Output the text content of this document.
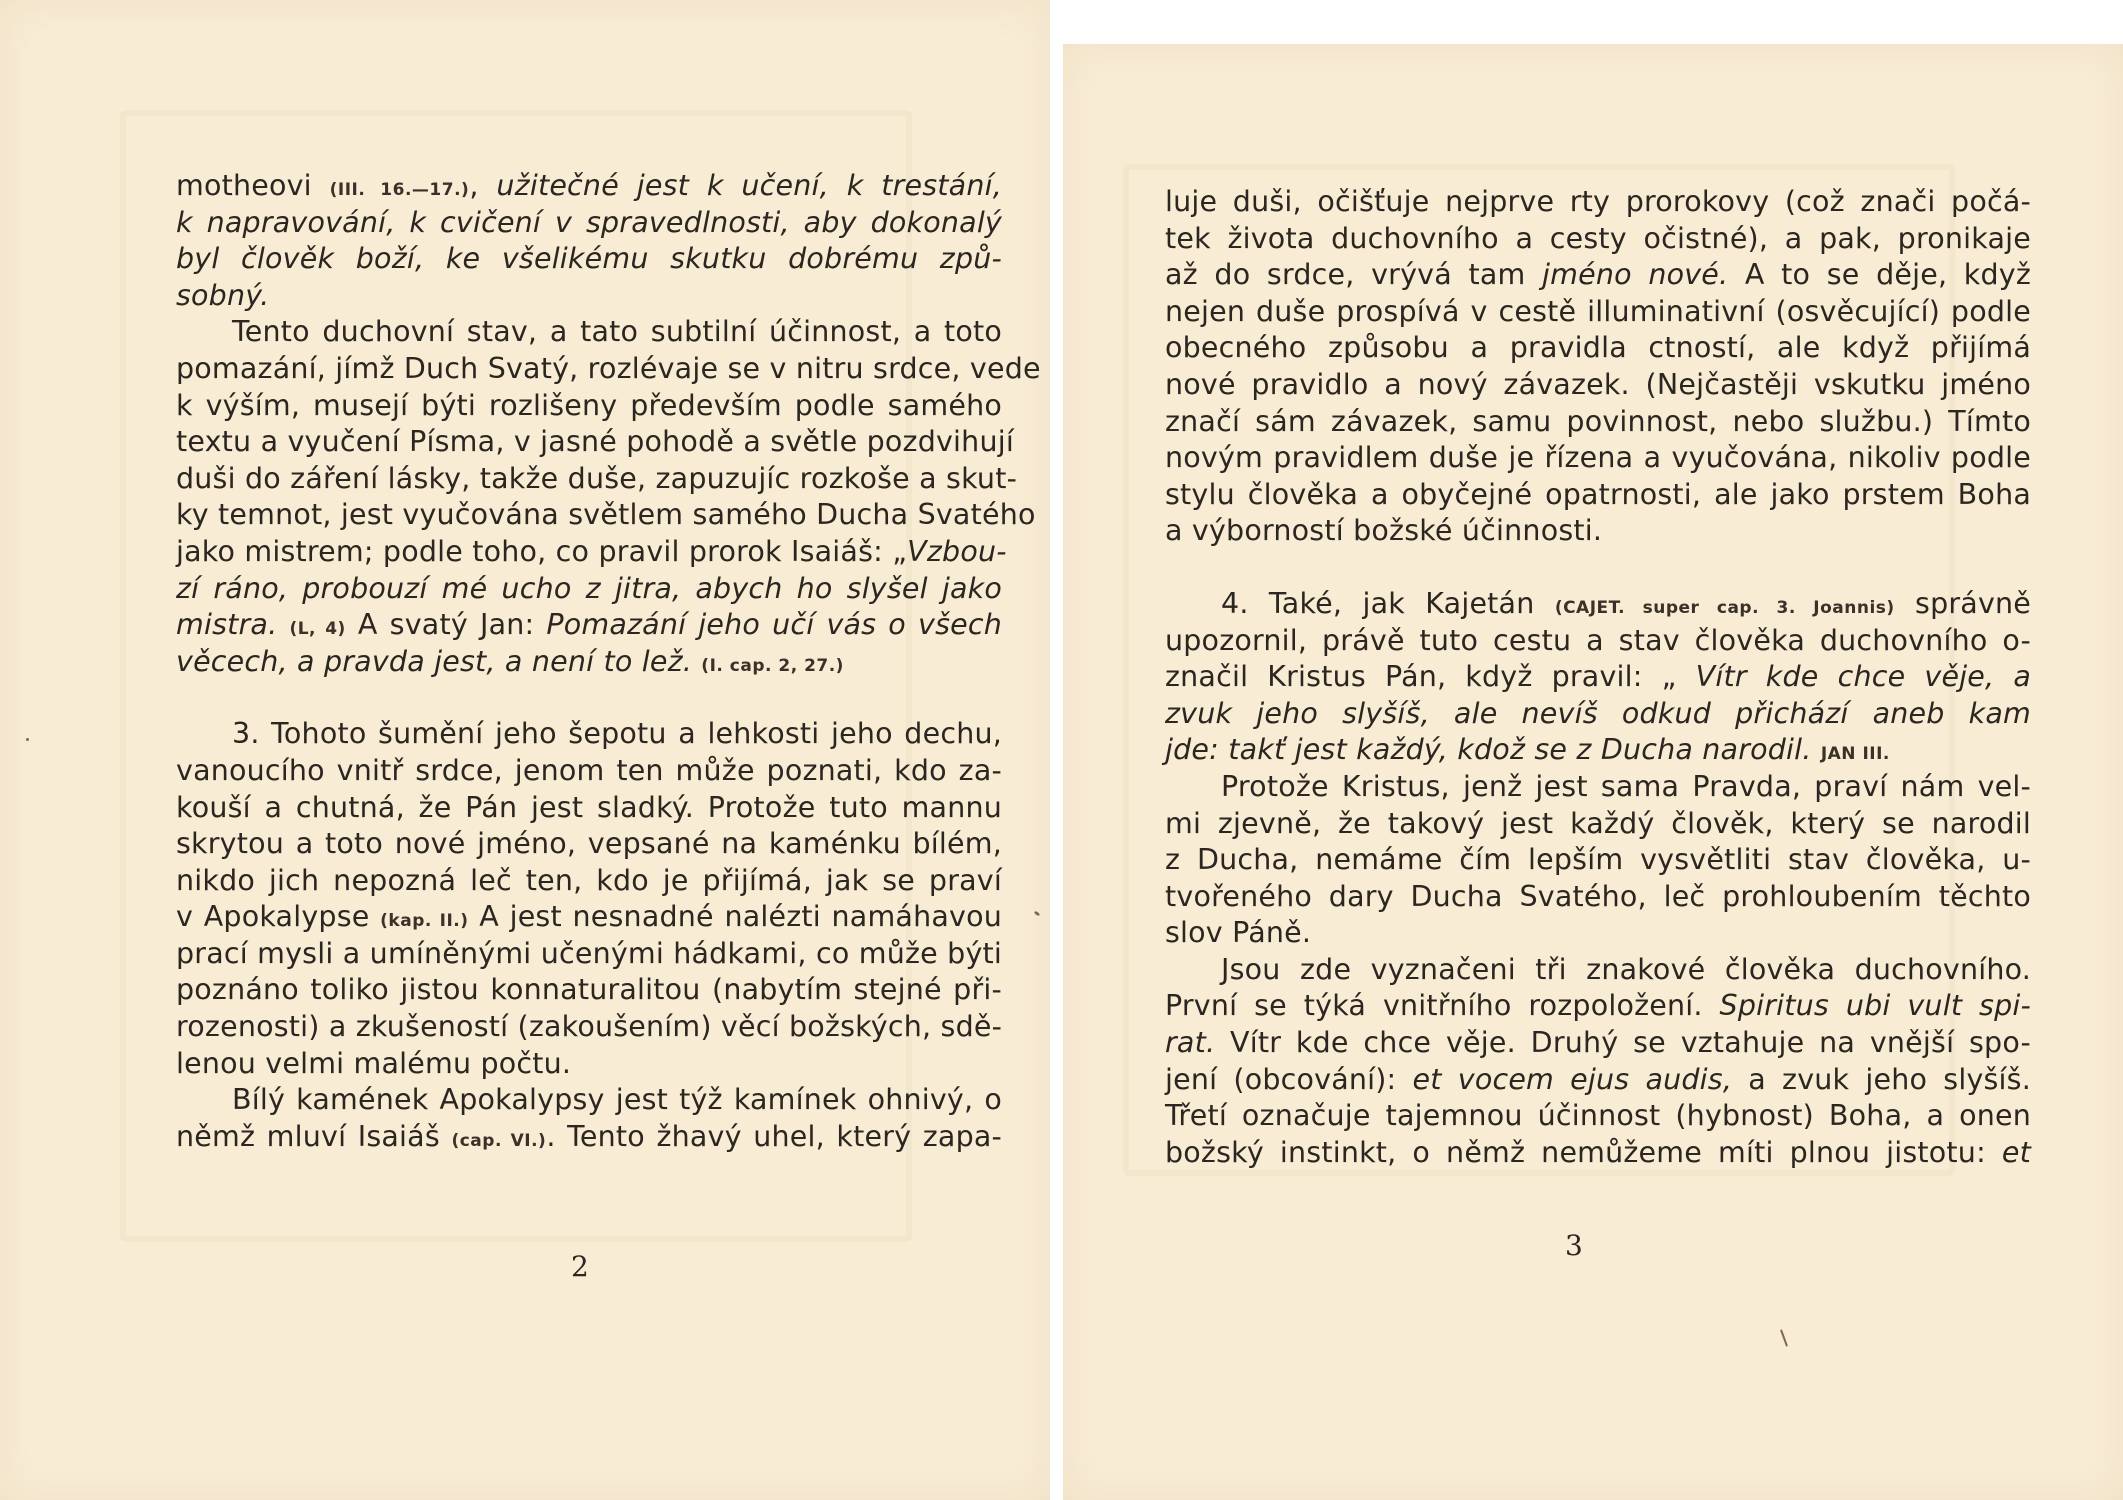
motheovi (III. 16.—17.), užitečné jest k učení, k trestání,
k napravování, k cvičení v spravedlnosti, aby dokonalý
byl člověk boží, ke všelikému skutku dobrému způ-
sobný.
Tento duchovní stav, a tato subtilní účinnost, a toto
pomazání, jímž Duch Svatý, rozlévaje se v nitru srdce, vede
k výším, musejí býti rozlišeny především podle samého
textu a vyučení Písma, v jasné pohodě a světle pozdvihují
duši do záření lásky, takže duše, zapuzujíc rozkoše a skut-
ky temnot, jest vyučována světlem samého Ducha Svatého
jako mistrem; podle toho, co pravil prorok Isaiáš: „Vzbou-
zí ráno, probouzí mé ucho z jitra, abych ho slyšel jako
mistra. (L, 4) A svatý Jan: Pomazání jeho učí vás o všech
věcech, a pravda jest, a není to lež. (I. cap. 2, 27.)
3. Tohoto šumění jeho šepotu a lehkosti jeho dechu,
vanoucího vnitř srdce, jenom ten může poznati, kdo za-
kouší a chutná, že Pán jest sladký. Protože tuto mannu
skrytou a toto nové jméno, vepsané na kaménku bílém,
nikdo jich nepozná leč ten, kdo je přijímá, jak se praví
v Apokalypse (kap. II.) A jest nesnadné nalézti namáhavou
prací mysli a umíněnými učenými hádkami, co může býti
poznáno toliko jistou konnaturalitou (nabytím stejné při-
rozenosti) a zkušeností (zakoušením) věcí božských, sdě-
lenou velmi malému počtu.
Bílý kamének Apokalypsy jest týž kamínek ohnivý, o
němž mluví Isaiáš (cap. VI.). Tento žhavý uhel, který zapa-
2
luje duši, očišťuje nejprve rty prorokovy (což znači počá-
tek života duchovního a cesty očistné), a pak, pronikaje
až do srdce, vrývá tam jméno nové. A to se děje, když
nejen duše prospívá v cestě illuminativní (osvěcující) podle
obecného způsobu a pravidla ctností, ale když přijímá
nové pravidlo a nový závazek. (Nejčastěji vskutku jméno
značí sám závazek, samu povinnost, nebo službu.) Tímto
novým pravidlem duše je řízena a vyučována, nikoliv podle
stylu člověka a obyčejné opatrnosti, ale jako prstem Boha
a výborností božské účinnosti.
4. Také, jak Kajetán (CAJET. super cap. 3. Joannis) správně
upozornil, právě tuto cestu a stav člověka duchovního o-
značil Kristus Pán, když pravil: „ Vítr kde chce věje, a
zvuk jeho slyšíš, ale nevíš odkud přichází aneb kam
jde: takť jest každý, kdož se z Ducha narodil. JAN III.
Protože Kristus, jenž jest sama Pravda, praví nám vel-
mi zjevně, že takový jest každý člověk, který se narodil
z Ducha, nemáme čím lepším vysvětliti stav člověka, u-
tvořeného dary Ducha Svatého, leč prohloubením těchto
slov Páně.
Jsou zde vyznačeni tři znakové člověka duchovního.
První se týká vnitřního rozpoložení. Spiritus ubi vult spi-
rat. Vítr kde chce věje. Druhý se vztahuje na vnější spo-
jení (obcování): et vocem ejus audis, a zvuk jeho slyšíš.
Třetí označuje tajemnou účinnost (hybnost) Boha, a onen
božský instinkt, o němž nemůžeme míti plnou jistotu: et
3
